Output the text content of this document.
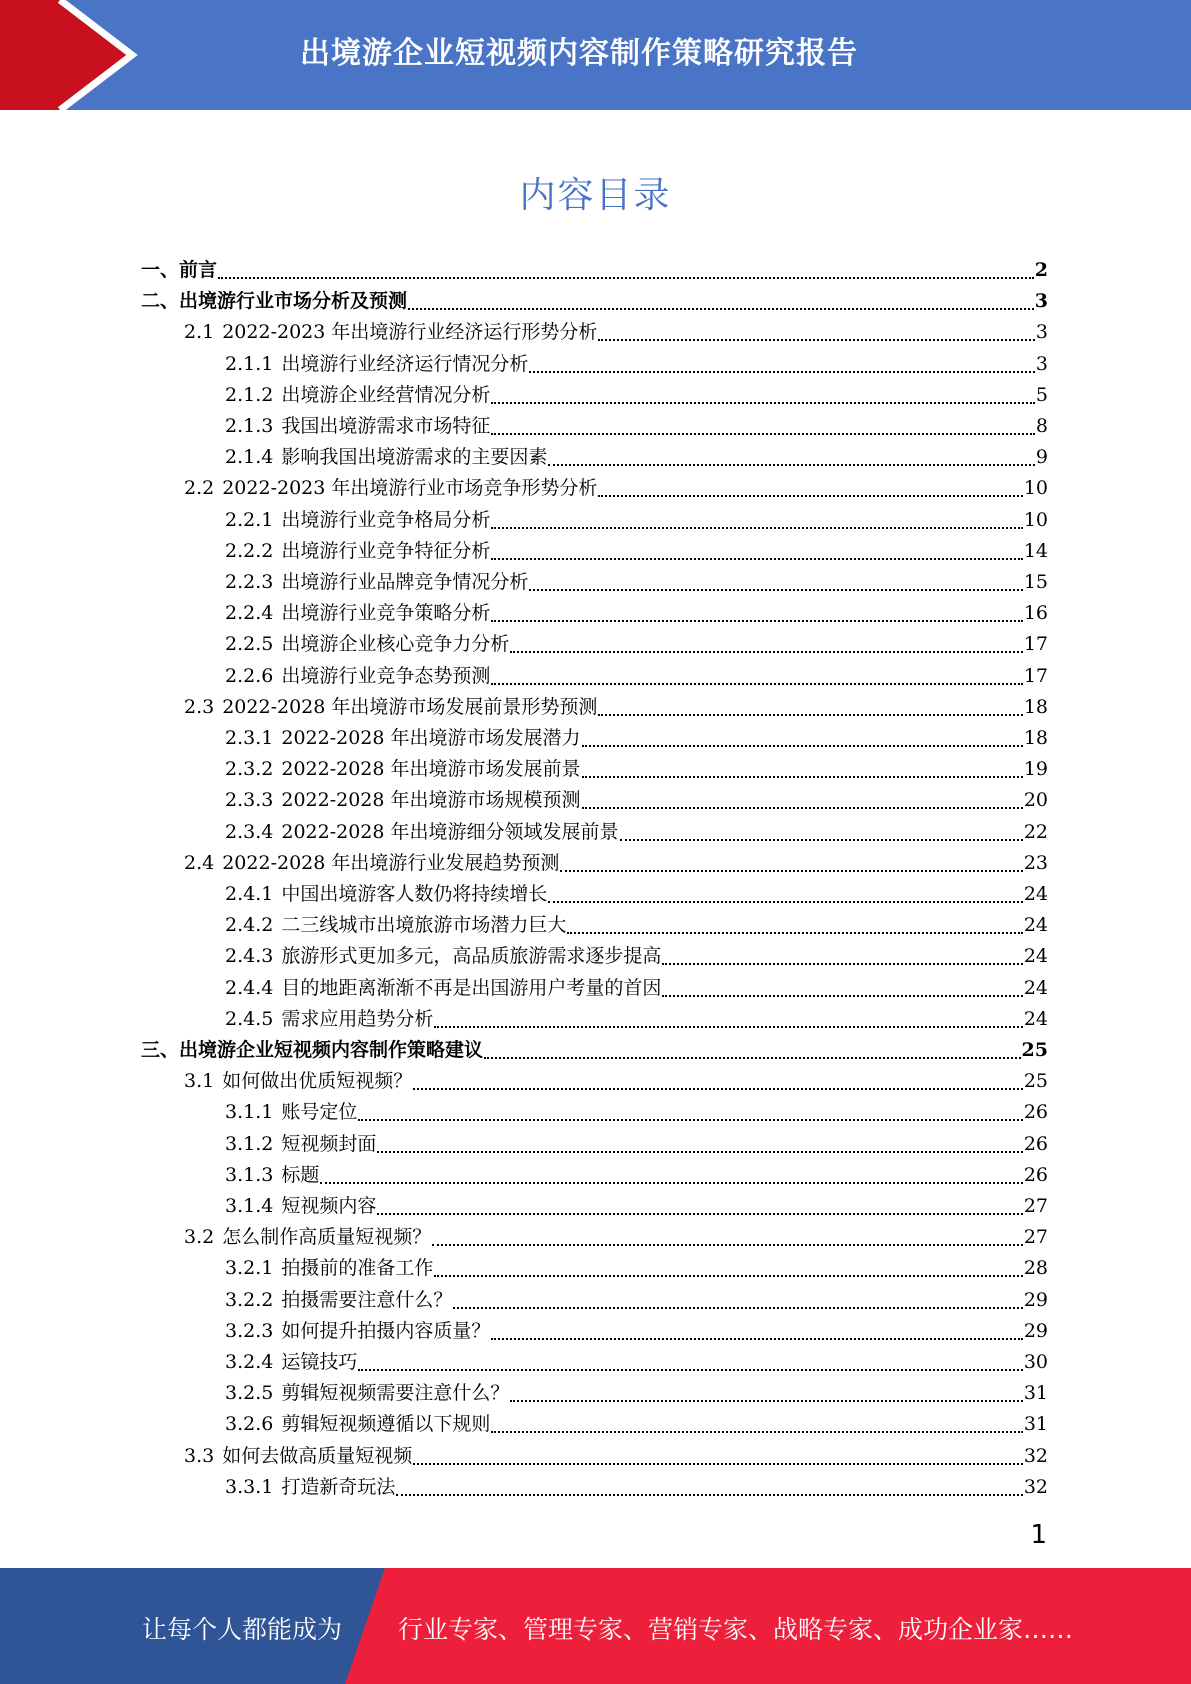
出境游企业短视频内容制作策略研究报告
内容目录
一、 前言	2
二、 出境游行业市场分析及预测	3
2.1 2022-2023 年出境游行业经济运行形势分析	3
2.1.1 出境游行业经济运行情况分析	3
2.1.2 出境游企业经营情况分析	5
2.1.3 我国出境游需求市场特征	8
2.1.4 影响我国出境游需求的主要因素	9
2.2 2022-2023 年出境游行业市场竞争形势分析	10
2.2.1 出境游行业竞争格局分析	10
2.2.2 出境游行业竞争特征分析	14
2.2.3 出境游行业品牌竞争情况分析	15
2.2.4 出境游行业竞争策略分析	16
2.2.5 出境游企业核心竞争力分析	17
2.2.6 出境游行业竞争态势预测	17
2.3 2022-2028 年出境游市场发展前景形势预测	18
2.3.1 2022-2028 年出境游市场发展潜力	18
2.3.2 2022-2028 年出境游市场发展前景	19
2.3.3 2022-2028 年出境游市场规模预测	20
2.3.4 2022-2028 年出境游细分领域发展前景	22
2.4 2022-2028 年出境游行业发展趋势预测	23
2.4.1 中国出境游客人数仍将持续增长	24
2.4.2 二三线城市出境旅游市场潜力巨大	24
2.4.3 旅游形式更加多元，高品质旅游需求逐步提高	24
2.4.4 目的地距离渐渐不再是出国游用户考量的首因	24
2.4.5 需求应用趋势分析	24
三、 出境游企业短视频内容制作策略建议	25
3.1 如何做出优质短视频？	25
3.1.1 账号定位	26
3.1.2 短视频封面	26
3.1.3 标题	26
3.1.4 短视频内容	27
3.2 怎么制作高质量短视频？	27
3.2.1 拍摄前的准备工作	28
3.2.2 拍摄需要注意什么？	29
3.2.3 如何提升拍摄内容质量？	29
3.2.4 运镜技巧	30
3.2.5 剪辑短视频需要注意什么？	31
3.2.6 剪辑短视频遵循以下规则	31
3.3 如何去做高质量短视频	32
3.3.1 打造新奇玩法	32
1
让每个人都能成为 行业专家、管理专家、营销专家、战略专家、成功企业家……
